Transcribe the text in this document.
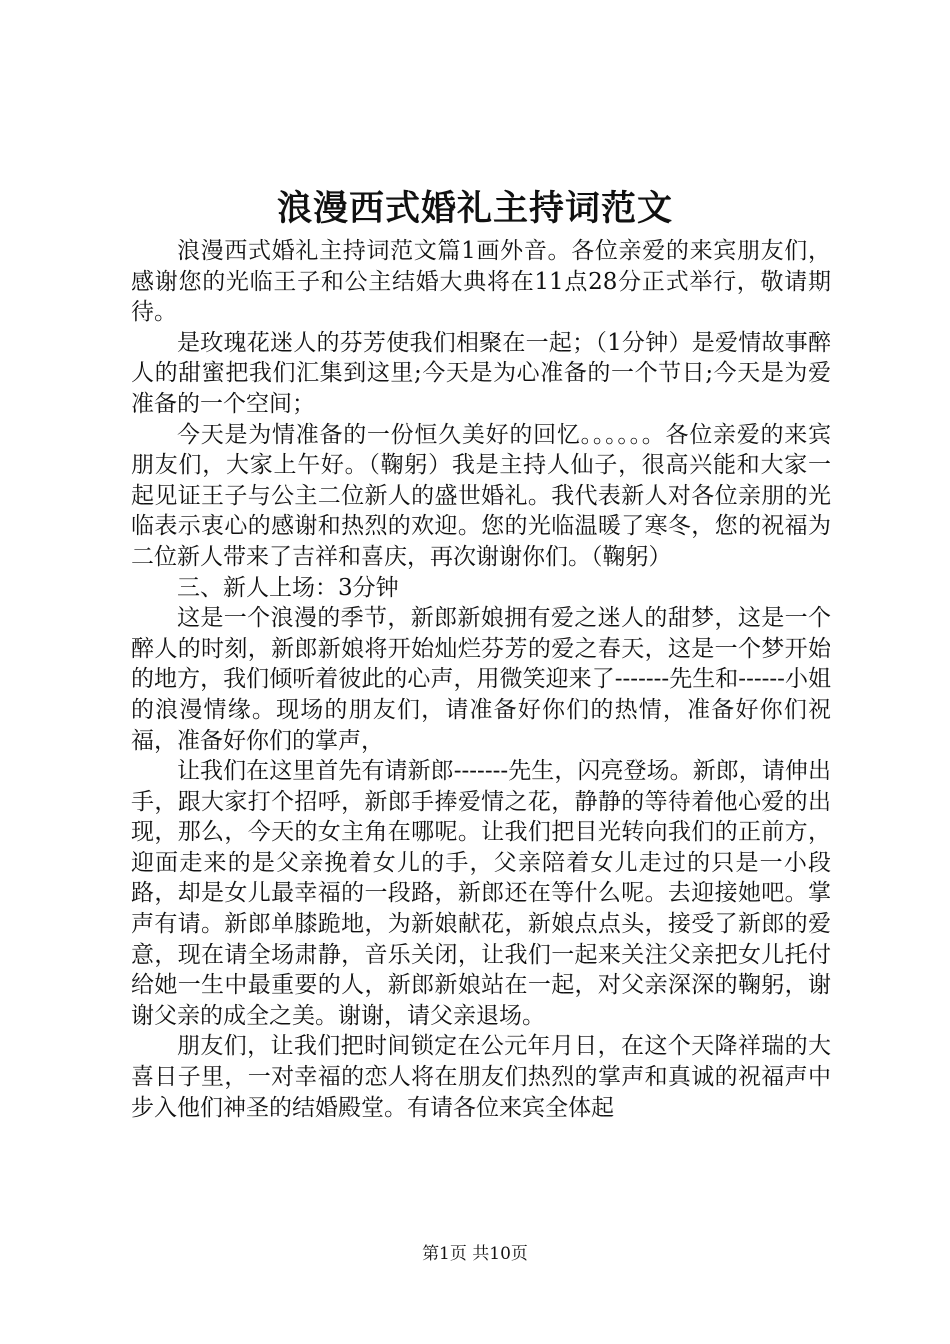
浪漫西式婚礼主持词范文

浪漫西式婚礼主持词范文篇1画外音。各位亲爱的来宾朋友们，感谢您的光临王子和公主结婚大典将在11点28分正式举行，敬请期待。

是玫瑰花迷人的芬芳使我们相聚在一起；（1分钟）是爱情故事醉人的甜蜜把我们汇集到这里;今天是为心准备的一个节日;今天是为爱准备的一个空间；

今天是为情准备的一份恒久美好的回忆。。。。。。各位亲爱的来宾朋友们，大家上午好。（鞠躬）我是主持人仙子，很高兴能和大家一起见证王子与公主二位新人的盛世婚礼。我代表新人对各位亲朋的光临表示衷心的感谢和热烈的欢迎。您的光临温暖了寒冬，您的祝福为二位新人带来了吉祥和喜庆，再次谢谢你们。（鞠躬）

三、新人上场：3分钟

这是一个浪漫的季节，新郎新娘拥有爱之迷人的甜梦，这是一个醉人的时刻，新郎新娘将开始灿烂芬芳的爱之春天，这是一个梦开始的地方，我们倾听着彼此的心声，用微笑迎来了-------先生和------小姐的浪漫情缘。现场的朋友们，请准备好你们的热情，准备好你们祝福，准备好你们的掌声，

让我们在这里首先有请新郎-------先生，闪亮登场。新郎，请伸出手，跟大家打个招呼，新郎手捧爱情之花，静静的等待着他心爱的出现，那么，今天的女主角在哪呢。让我们把目光转向我们的正前方，迎面走来的是父亲挽着女儿的手，父亲陪着女儿走过的只是一小段路，却是女儿最幸福的一段路，新郎还在等什么呢。去迎接她吧。掌声有请。新郎单膝跪地，为新娘献花，新娘点点头，接受了新郎的爱意，现在请全场肃静，音乐关闭，让我们一起来关注父亲把女儿托付给她一生中最重要的人，新郎新娘站在一起，对父亲深深的鞠躬，谢谢父亲的成全之美。谢谢，请父亲退场。

朋友们，让我们把时间锁定在公元年月日，在这个天降祥瑞的大喜日子里，一对幸福的恋人将在朋友们热烈的掌声和真诚的祝福声中步入他们神圣的结婚殿堂。有请各位来宾全体起

第1页 共10页
